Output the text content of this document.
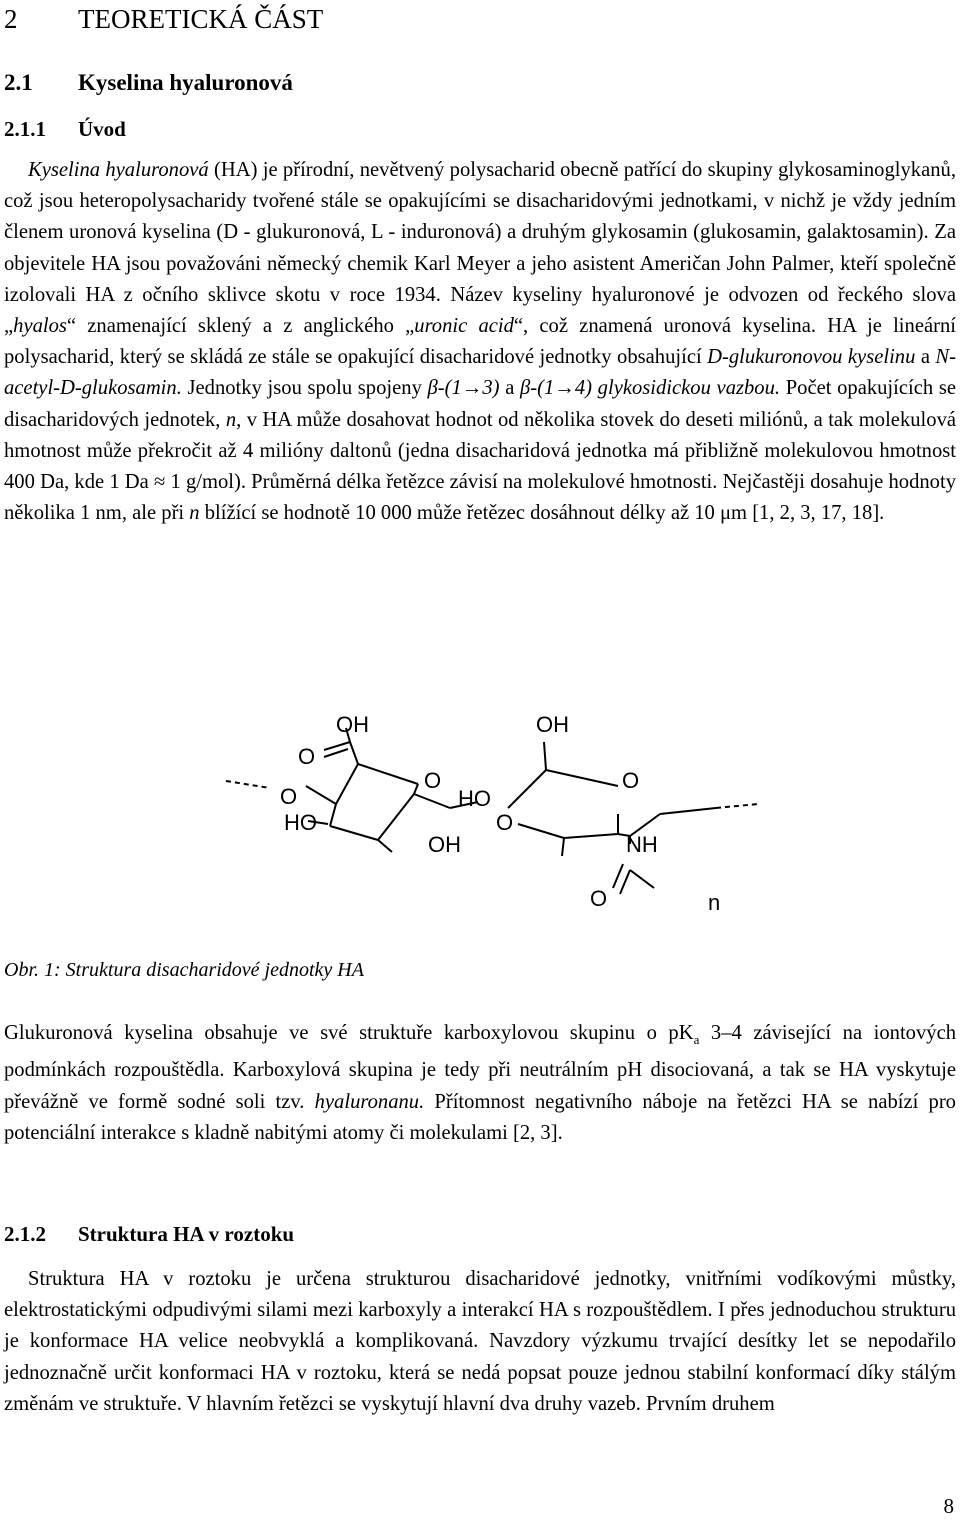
2 TEORETICKÁ ČÁST
2.1 Kyselina hyaluronová
2.1.1 Úvod

Kyselina hyaluronová (HA) je přírodní, nevětvený polysacharid obecně patřící do skupiny glykosaminoglykanů, což jsou heteropolysacharidy tvořené stále se opakujícími se disacharidovými jednotkami, v nichž je vždy jedním členem uronová kyselina (D - glukuronová, L - induronová) a druhým glykosamin (glukosamin, galaktosamin). Za objevitele HA jsou považováni německý chemik Karl Meyer a jeho asistent Američan John Palmer, kteří společně izolovali HA z očního sklivce skotu v roce 1934. Název kyseliny hyaluronové je odvozen od řeckého slova „hyalos“ znamenající sklený a z anglického „uronic acid“, což znamená uronová kyselina. HA je lineární polysacharid, který se skládá ze stále se opakující disacharidové jednotky obsahující D-glukuronovou kyselinu a N-acetyl-D-glukosamin. Jednotky jsou spolu spojeny β-(1→3) a β-(1→4) glykosidickou vazbou. Počet opakujících se disacharidových jednotek, n, v HA může dosahovat hodnot od několika stovek do deseti miliónů, a tak molekulová hmotnost může překročit až 4 milióny daltonů (jedna disacharidová jednotka má přibližně molekulovou hmotnost 400 Da, kde 1 Da ≈ 1 g/mol). Průměrná délka řetězce závisí na molekulové hmotnosti. Nejčastěji dosahuje hodnoty několika 1 nm, ale při n blížící se hodnotě 10 000 může řetězec dosáhnout délky až 10 μm [1, 2, 3, 17, 18].

OH
O
OH
O	O
O	HO
HO	O
OH	NH
O	n
Obr. 1: Struktura disacharidové jednotky HA

Glukuronová kyselina obsahuje ve své struktuře karboxylovou skupinu o $pK_a$ 3–4 závisející na iontových podmínkách rozpouštědla. Karboxylová skupina je tedy při neutrálním pH disociovaná, a tak se HA vyskytuje převážně ve formě sodné soli tzv. hyaluronanu. Přítomnost negativního náboje na řetězci HA se nabízí pro potenciální interakce s kladně nabitými atomy či molekulami [2, 3].

2.1.2 Struktura HA v roztoku

Struktura HA v roztoku je určena strukturou disacharidové jednotky, vnitřními vodíkovými můstky, elektrostatickými odpudivými silami mezi karboxyly a interakcí HA s rozpouštědlem. I přes jednoduchou strukturu je konformace HA velice neobvyklá a komplikovaná. Navzdory výzkumu trvající desítky let se nepodařilo jednoznačně určit konformaci HA v roztoku, která se nedá popsat pouze jednou stabilní konformací díky stálým změnám ve struktuře. V hlavním řetězci se vyskytují hlavní dva druhy vazeb. Prvním druhem

8
